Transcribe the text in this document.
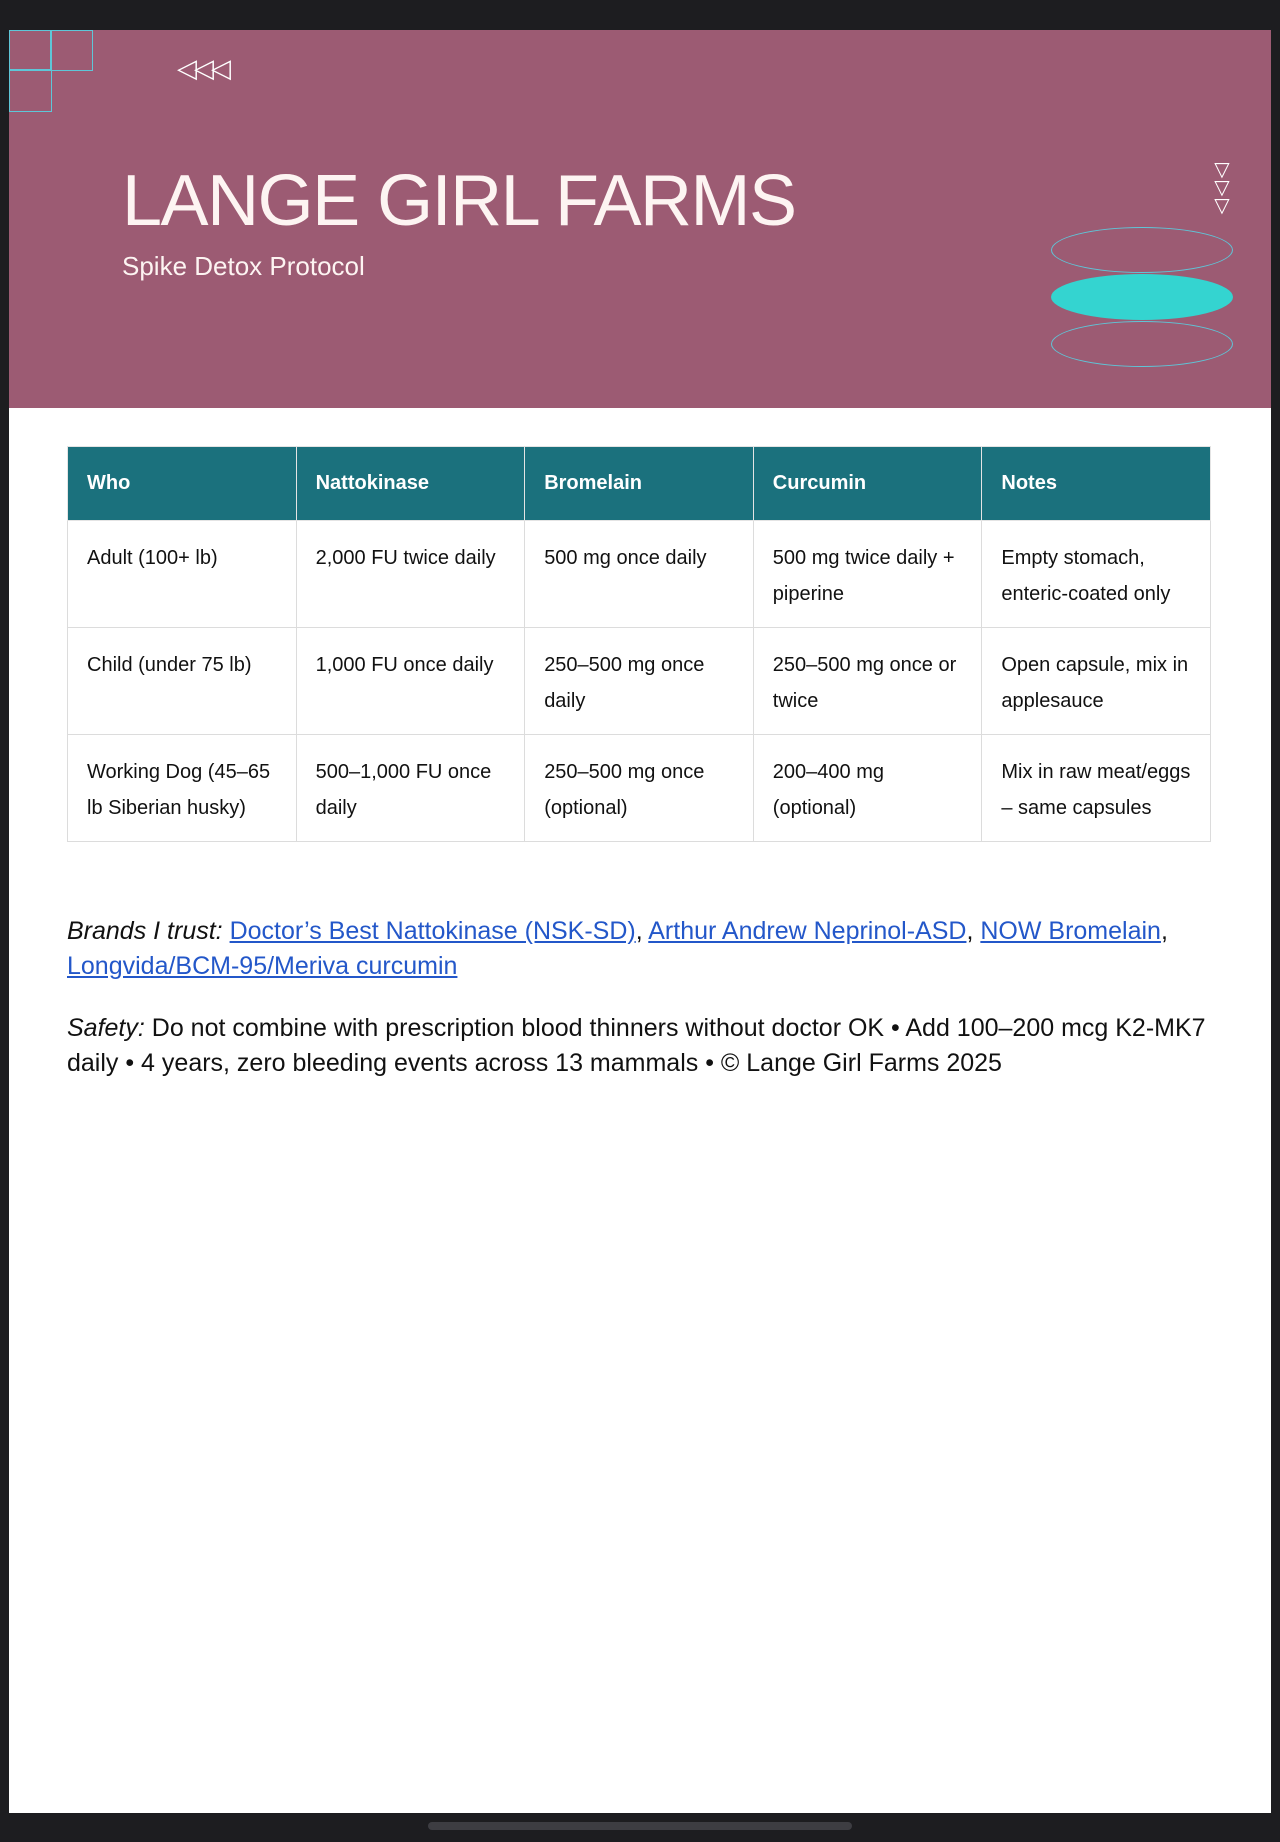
◁◁◁
▽
▽
▽
LANGE GIRL FARMS

Spike Detox Protocol

Who	Nattokinase	Bromelain	Curcumin	Notes
Adult (100+ lb)	2,000 FU twice daily	500 mg once daily	500 mg twice daily + piperine	Empty stomach, enteric-coated only
Child (under 75 lb)	1,000 FU once daily	250–500 mg once daily	250–500 mg once or twice	Open capsule, mix in applesauce
Working Dog (45–65 lb Siberian husky)	500–1,000 FU once daily	250–500 mg once (optional)	200–400 mg (optional)	Mix in raw meat/eggs – same capsules

Brands I trust: Doctor’s Best Nattokinase (NSK-SD), Arthur Andrew Neprinol-ASD, NOW Bromelain, Longvida/BCM-95/Meriva curcumin

Safety: Do not combine with prescription blood thinners without doctor OK • Add 100–200 mcg K2-MK7 daily • 4 years, zero bleeding events across 13 mammals • © Lange Girl Farms 2025
